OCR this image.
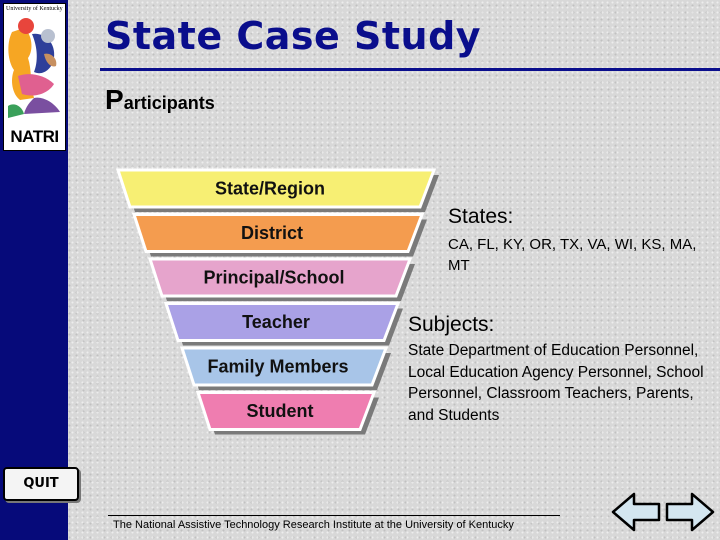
University of Kentucky
NATRI
State Case Study
Participants
State/Region
District
Principal/School
Teacher
Family Members
Student
States:
CA, FL, KY, OR, TX, VA, WI, KS, MA, MT
Subjects:
State Department of Education Personnel, Local Education Agency Personnel, School Personnel, Classroom Teachers, Parents, and Students
QUIT
The National Assistive Technology Research Institute at the University of Kentucky
